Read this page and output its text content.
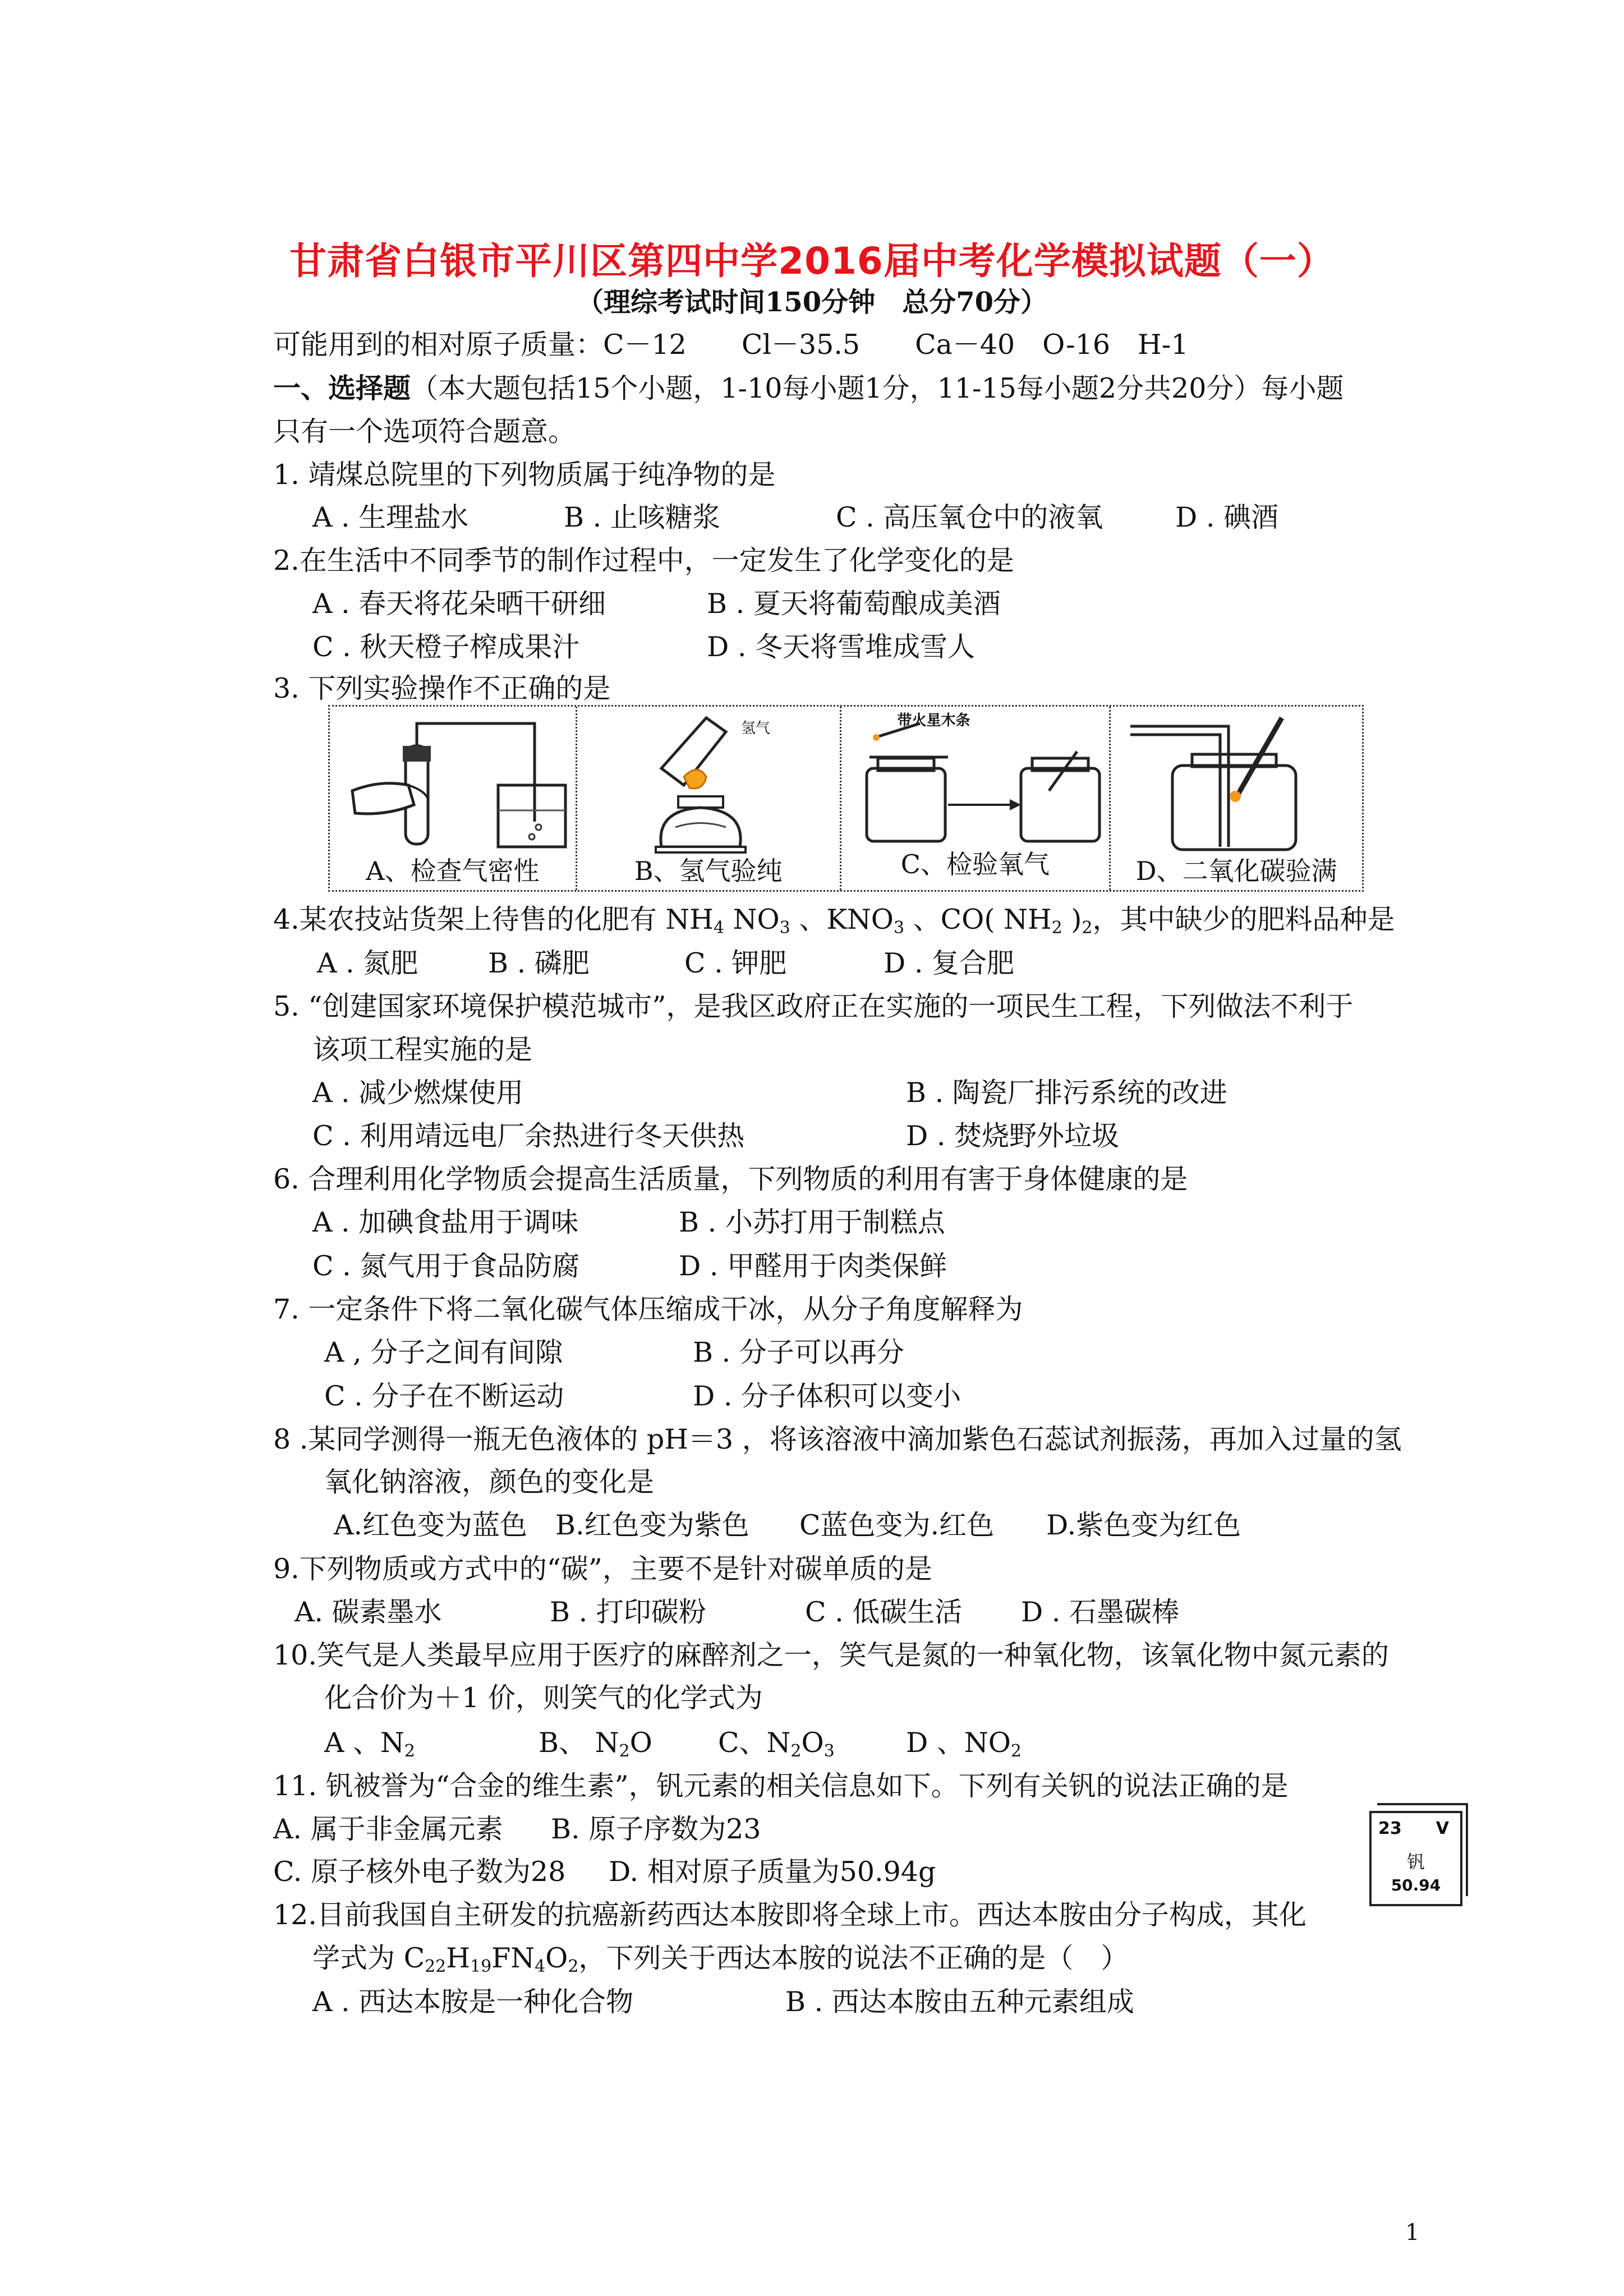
甘肃省白银市平川区第四中学2016届中考化学模拟试题（一）
（理综考试时间150分钟　总分70分）
可能用到的相对原子质量：C－12　　Cl－35.5　　Ca－40　O-16　H-1
一、选择题（本大题包括15个小题，1-10每小题1分，11-15每小题2分共20分）每小题
只有一个选项符合题意。
1. 靖煤总院里的下列物质属于纯净物的是
A . 生理盐水	B . 止咳糖浆	C . 高压氧仓中的液氧	D . 碘酒
2.在生活中不同季节的制作过程中，一定发生了化学变化的是
A . 春天将花朵晒干研细	B . 夏天将葡萄酿成美酒
C . 秋天橙子榨成果汁	D . 冬天将雪堆成雪人
3. 下列实验操作不正确的是
A、检查气密性
氢气
B、氢气验纯
带火星木条
C、检验氧气	D、二氧化碳验满
4.某农技站货架上待售的化肥有 $NH_4$ $NO_3$ 、$KNO_3$ 、CO( $NH_2$ )$_2$，其中缺少的肥料品种是
A . 氮肥	B . 磷肥	C . 钾肥	D . 复合肥
5. “创建国家环境保护模范城市”，是我区政府正在实施的一项民生工程，下列做法不利于
该项工程实施的是
A . 减少燃煤使用	B . 陶瓷厂排污系统的改进
C . 利用靖远电厂余热进行冬天供热	D . 焚烧野外垃圾
6. 合理利用化学物质会提高生活质量，下列物质的利用有害于身体健康的是
A . 加碘食盐用于调味	B . 小苏打用于制糕点
C . 氮气用于食品防腐	D . 甲醛用于肉类保鲜
7. 一定条件下将二氧化碳气体压缩成干冰，从分子角度解释为
A , 分子之间有间隙	B . 分子可以再分
C . 分子在不断运动	D . 分子体积可以变小
8 .某同学测得一瓶无色液体的 pH＝3 ，将该溶液中滴加紫色石蕊试剂振荡，再加入过量的氢
氧化钠溶液，颜色的变化是
A.红色变为蓝色 B.红色变为紫色 C蓝色变为.红色 D.紫色变为红色
9.下列物质或方式中的“碳”，主要不是针对碳单质的是
A. 碳素墨水	B . 打印碳粉	C . 低碳生活 D . 石墨碳棒
10.笑气是人类最早应用于医疗的麻醉剂之一，笑气是氮的一种氧化物，该氧化物中氮元素的
化合价为＋1 价，则笑气的化学式为
A 、$N_2$	B、 $N_2O$ C、$N_2O_3$	D 、$NO_2$
11. 钒被誉为“合金的维生素”，钒元素的相关信息如下。下列有关钒的说法正确的是
A. 属于非金属元素 B. 原子序数为23
C. 原子核外电子数为28 D. 相对原子质量为50.94g
23 V
钒
50.94
12.目前我国自主研发的抗癌新药西达本胺即将全球上市。西达本胺由分子构成，其化
学式为 $C_{22}H_{19}FN_4O_2$，下列关于西达本胺的说法不正确的是（　）
A . 西达本胺是一种化合物	B . 西达本胺由五种元素组成
1
